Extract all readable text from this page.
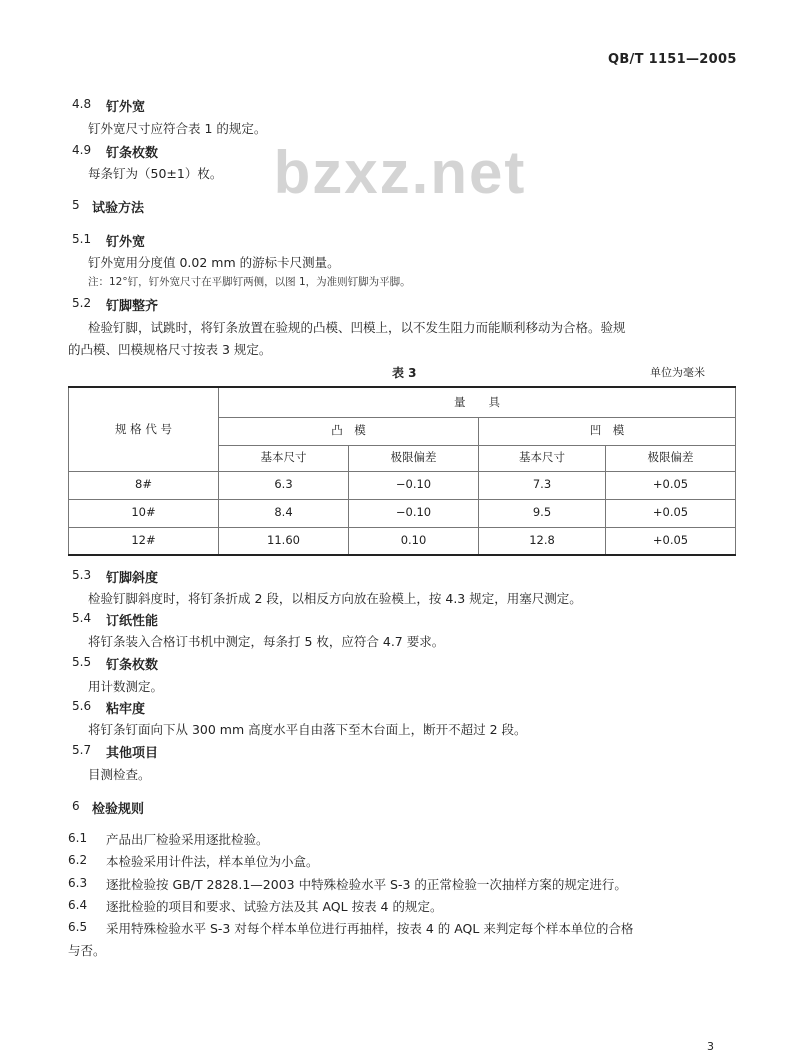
QB/T 1151—2005
bzxz.net
4.8 钉外宽
钉外宽尺寸应符合表 1 的规定。
4.9 钉条枚数
每条钉为（50±1）枚。
5 试验方法
5.1 钉外宽
钉外宽用分度值 0.02 mm 的游标卡尺测量。
注：12°钉，钉外宽尺寸在平脚钉两侧，以图 1，为准则钉脚为平脚。
5.2 钉脚整齐
检验钉脚，试跳时，将钉条放置在验规的凸模、凹模上，以不发生阻力而能顺利移动为合格。验规
的凸模、凹模规格尺寸按表 3 规定。
表 3	单位为毫米
规 格 代 号	量　　具			
	凸　模		凹　模	
	基本尺寸	极限偏差	基本尺寸	极限偏差
8#	6.3	−0.10	7.3	+0.05
10#	8.4	−0.10	9.5	+0.05
12#	11.60	0.10	12.8	+0.05
5.3 钉脚斜度
检验钉脚斜度时，将钉条折成 2 段，以相反方向放在验模上，按 4.3 规定，用塞尺测定。
5.4 订纸性能
将钉条装入合格订书机中测定，每条打 5 枚，应符合 4.7 要求。
5.5 钉条枚数
用计数测定。
5.6 粘牢度
将钉条钉面向下从 300 mm 高度水平自由落下至木台面上，断开不超过 2 段。
5.7 其他项目
目测检查。
6 检验规则
6.1 产品出厂检验采用逐批检验。
6.2 本检验采用计件法，样本单位为小盒。
6.3 逐批检验按 GB/T 2828.1—2003 中特殊检验水平 S-3 的正常检验一次抽样方案的规定进行。
6.4 逐批检验的项目和要求、试验方法及其 AQL 按表 4 的规定。
6.5 采用特殊检验水平 S-3 对每个样本单位进行再抽样，按表 4 的 AQL 来判定每个样本单位的合格
与否。
3
